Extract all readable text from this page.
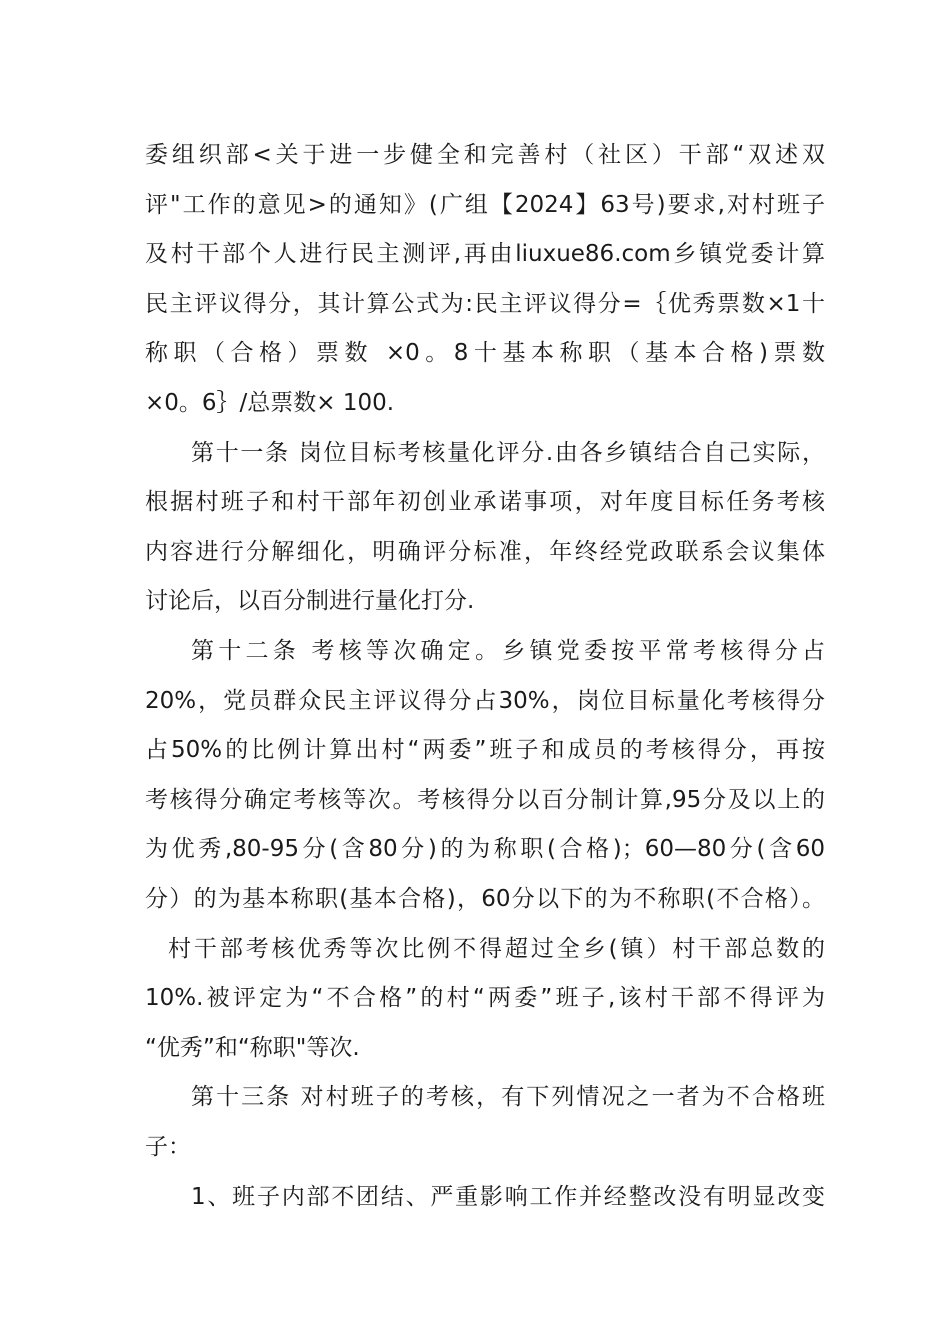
委组织部<关于进一步健全和完善村（社区）干部“双述双
评"工作的意见>的通知》(广组【2024】63号)要求,对村班子
及村干部个人进行民主测评,再由liuxue86.com乡镇党委计算
民主评议得分，其计算公式为:民主评议得分=｛优秀票数×1十
称职（合格）票数 ×0。8十基本称职（基本合格)票数
×0。6｝/总票数× 100.
第十一条 岗位目标考核量化评分.由各乡镇结合自己实际，
根据村班子和村干部年初创业承诺事项，对年度目标任务考核
内容进行分解细化，明确评分标准，年终经党政联系会议集体
讨论后，以百分制进行量化打分.
第十二条 考核等次确定。乡镇党委按平常考核得分占
20%，党员群众民主评议得分占30%，岗位目标量化考核得分
占50%的比例计算出村“两委”班子和成员的考核得分，再按
考核得分确定考核等次。考核得分以百分制计算,95分及以上的
为优秀,80-95分(含80分)的为称职(合格)；60—80分(含60
分）的为基本称职(基本合格)，60分以下的为不称职(不合格）。
村干部考核优秀等次比例不得超过全乡(镇）村干部总数的
10%.被评定为“不合格”的村“两委”班子,该村干部不得评为
“优秀”和“称职"等次.
第十三条 对村班子的考核，有下列情况之一者为不合格班
子：
1、班子内部不团结、严重影响工作并经整改没有明显改变
